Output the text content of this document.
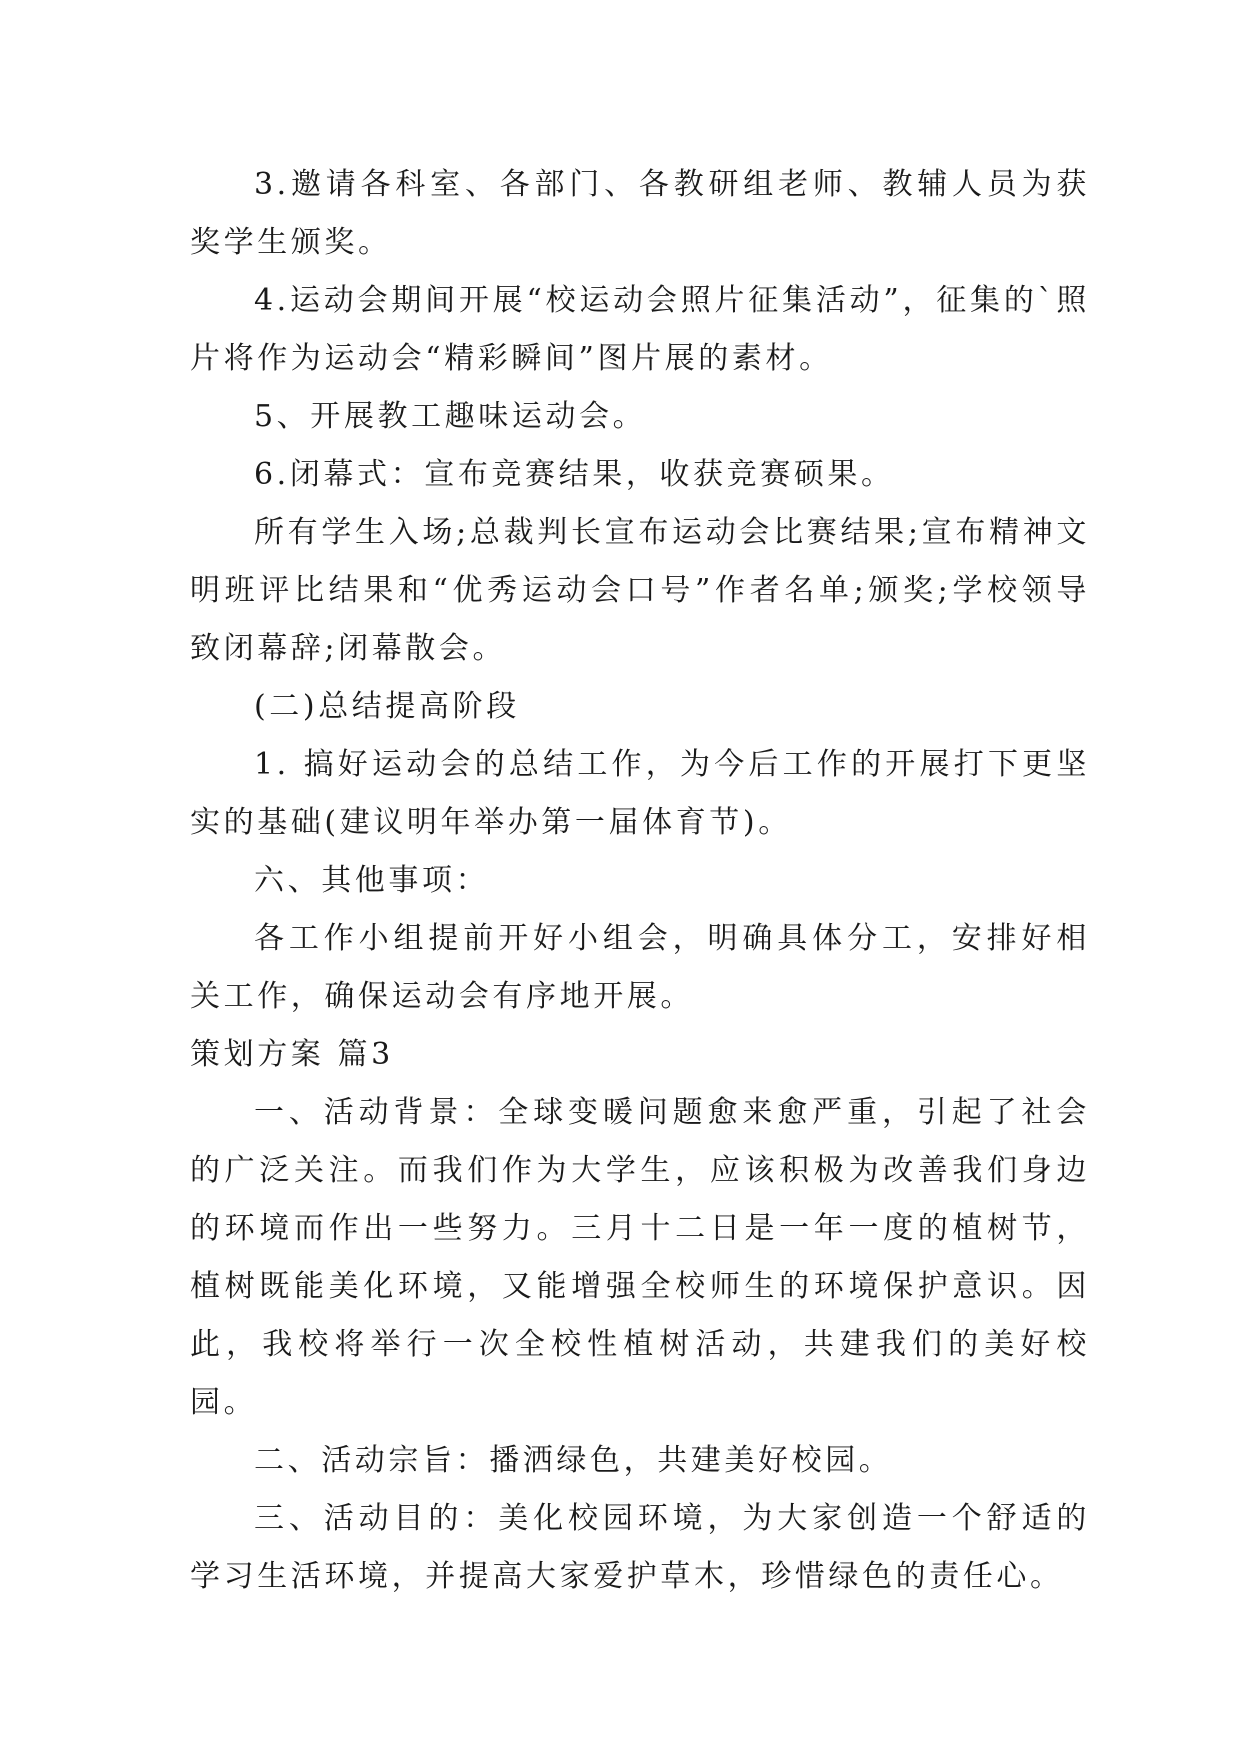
3.邀请各科室、各部门、各教研组老师、教辅人员为获奖学生颁奖。

4.运动会期间开展“校运动会照片征集活动”，征集的`照片将作为运动会“精彩瞬间”图片展的素材。

5、开展教工趣味运动会。

6.闭幕式：宣布竞赛结果，收获竞赛硕果。

所有学生入场;总裁判长宣布运动会比赛结果;宣布精神文明班评比结果和“优秀运动会口号”作者名单;颁奖;学校领导致闭幕辞;闭幕散会。

(二)总结提高阶段

1. 搞好运动会的总结工作，为今后工作的开展打下更坚实的基础(建议明年举办第一届体育节)。

六、其他事项：

各工作小组提前开好小组会，明确具体分工，安排好相关工作，确保运动会有序地开展。

策划方案 篇3

一、活动背景：全球变暖问题愈来愈严重，引起了社会的广泛关注。而我们作为大学生，应该积极为改善我们身边的环境而作出一些努力。三月十二日是一年一度的植树节，植树既能美化环境，又能增强全校师生的环境保护意识。因此，我校将举行一次全校性植树活动，共建我们的美好校园。

二、活动宗旨：播洒绿色，共建美好校园。

三、活动目的：美化校园环境，为大家创造一个舒适的学习生活环境，并提高大家爱护草木，珍惜绿色的责任心。
